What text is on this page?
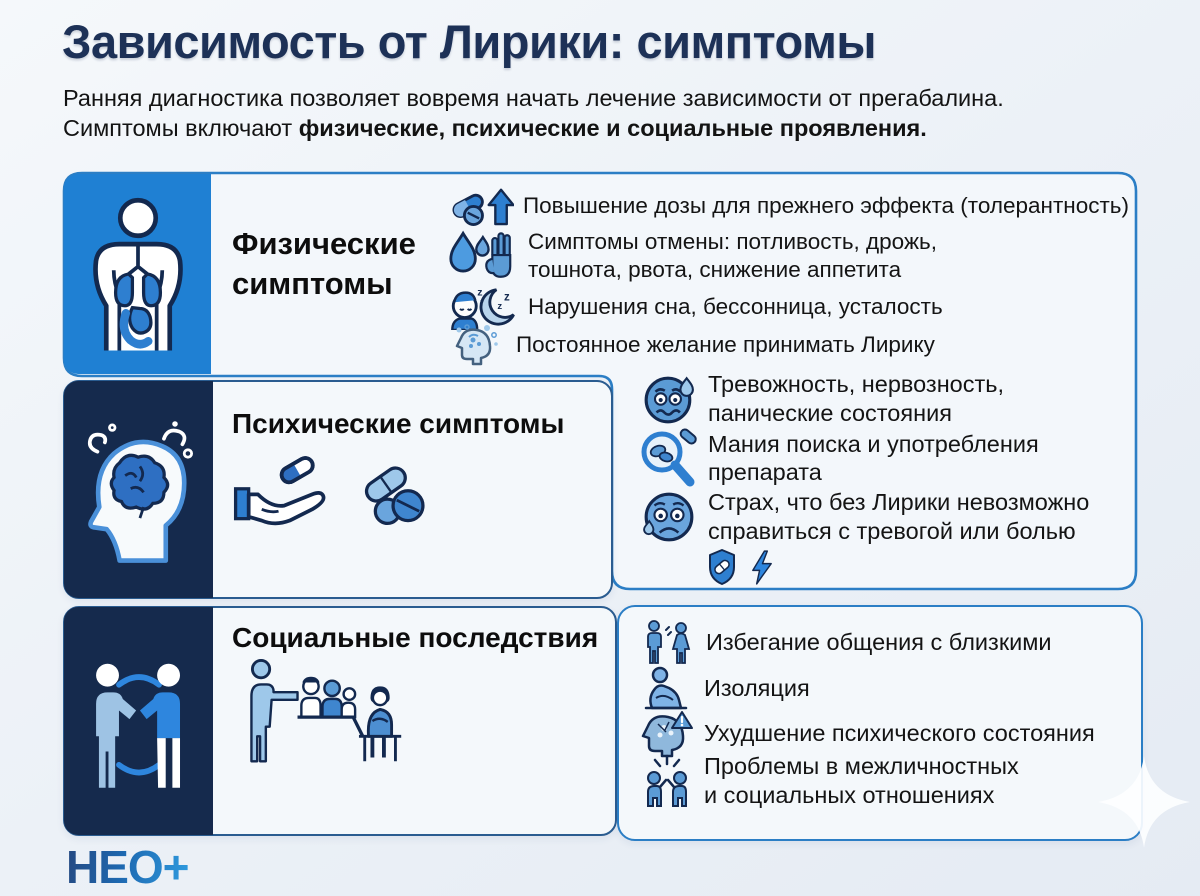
Зависимость от Лирики: симптомы
Ранняя диагностика позволяет вовремя начать лечение зависимости от прегабалина.
Симптомы включают физические, психические и социальные проявления.
Физические симптомы
Повышение дозы для прежнего эффекта (толерантность)
Симптомы отмены: потливость, дрожь,
тошнота, рвота, снижение аппетита
z
z
z Нарушения сна, бессонница, усталость
Постоянное желание принимать Лирику
Психические симптомы
Тревожность, нервозность,
панические состояния
Мания поиска и употребления
препарата
Страх, что без Лирики невозможно
справиться с тревогой или болью
Социальные последствия	Избегание общения с близкими
Изоляция
Ухудшение психического состояния
Проблемы в межличностных
и социальных отношениях
НЕО+
